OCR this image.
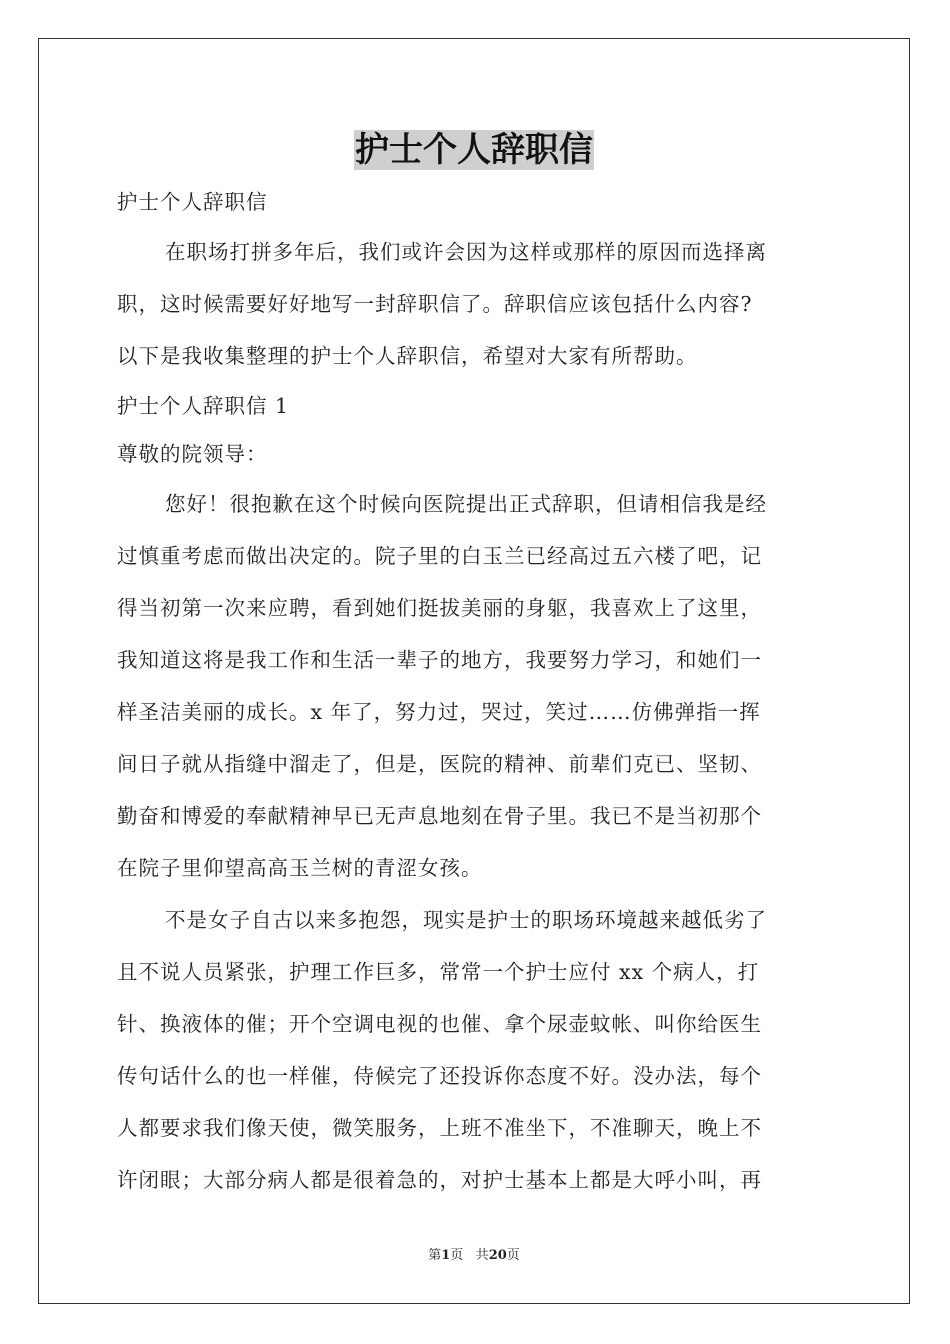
护士个人辞职信

护士个人辞职信

在职场打拼多年后，我们或许会因为这样或那样的原因而选择离

职，这时候需要好好地写一封辞职信了。辞职信应该包括什么内容?

以下是我收集整理的护士个人辞职信，希望对大家有所帮助。

护士个人辞职信 1

尊敬的院领导：

您好！很抱歉在这个时候向医院提出正式辞职，但请相信我是经

过慎重考虑而做出决定的。院子里的白玉兰已经高过五六楼了吧，记

得当初第一次来应聘，看到她们挺拔美丽的身躯，我喜欢上了这里，

我知道这将是我工作和生活一辈子的地方，我要努力学习，和她们一

样圣洁美丽的成长。x 年了，努力过，哭过，笑过……仿佛弹指一挥

间日子就从指缝中溜走了，但是，医院的精神、前辈们克已、坚韧、

勤奋和博爱的奉献精神早已无声息地刻在骨子里。我已不是当初那个

在院子里仰望高高玉兰树的青涩女孩。

不是女子自古以来多抱怨，现实是护士的职场环境越来越低劣了

且不说人员紧张，护理工作巨多，常常一个护士应付 xx 个病人，打

针、换液体的催；开个空调电视的也催、拿个尿壶蚊帐、叫你给医生

传句话什么的也一样催，侍候完了还投诉你态度不好。没办法，每个

人都要求我们像天使，微笑服务，上班不准坐下，不准聊天，晚上不

许闭眼；大部分病人都是很着急的，对护士基本上都是大呼小叫，再

第1页 共20页
